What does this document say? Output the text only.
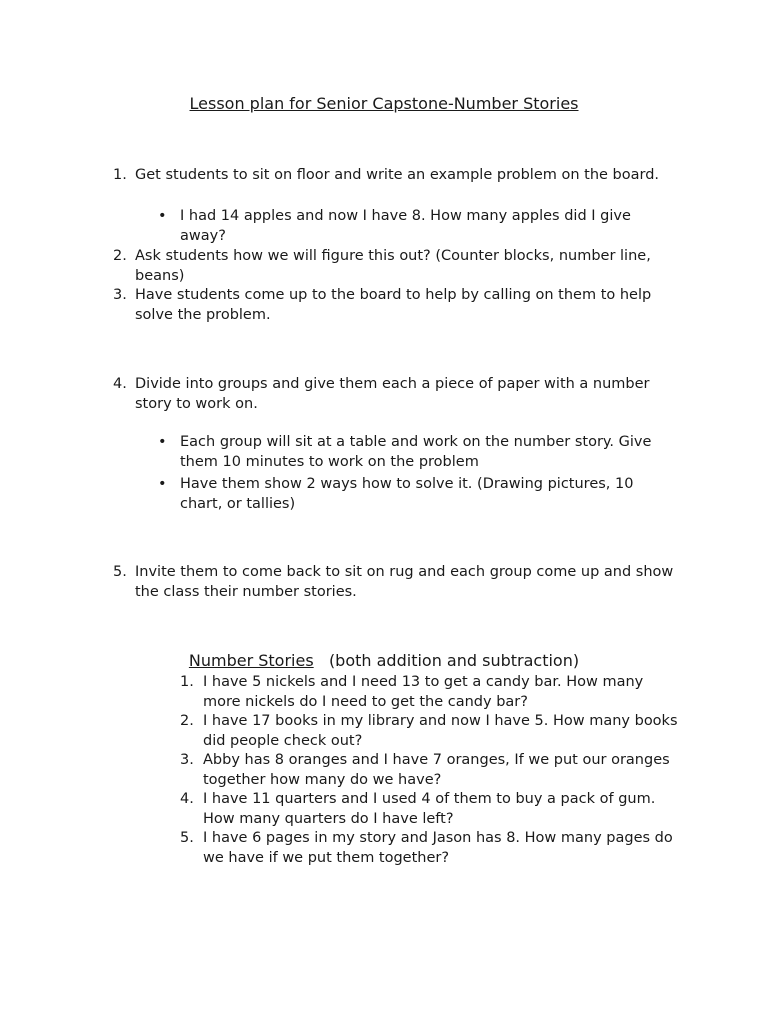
Lesson plan for Senior Capstone-Number Stories
1. Get students to sit on floor and write an example problem on the board.
• I had 14 apples and now I have 8. How many apples did I give away?
2. Ask students how we will figure this out? (Counter blocks, number line, beans)
3. Have students come up to the board to help by calling on them to help solve the problem.
4. Divide into groups and give them each a piece of paper with a number story to work on.
• Each group will sit at a table and work on the number story. Give them 10 minutes to work on the problem
• Have them show 2 ways how to solve it. (Drawing pictures, 10 chart, or tallies)
5. Invite them to come back to sit on rug and each group come up and show the class their number stories.
Number Stories (both addition and subtraction)
1. I have 5 nickels and I need 13 to get a candy bar. How many more nickels do I need to get the candy bar?
2. I have 17 books in my library and now I have 5. How many books did people check out?
3. Abby has 8 oranges and I have 7 oranges, If we put our oranges together how many do we have?
4. I have 11 quarters and I used 4 of them to buy a pack of gum. How many quarters do I have left?
5. I have 6 pages in my story and Jason has 8. How many pages do we have if we put them together?
